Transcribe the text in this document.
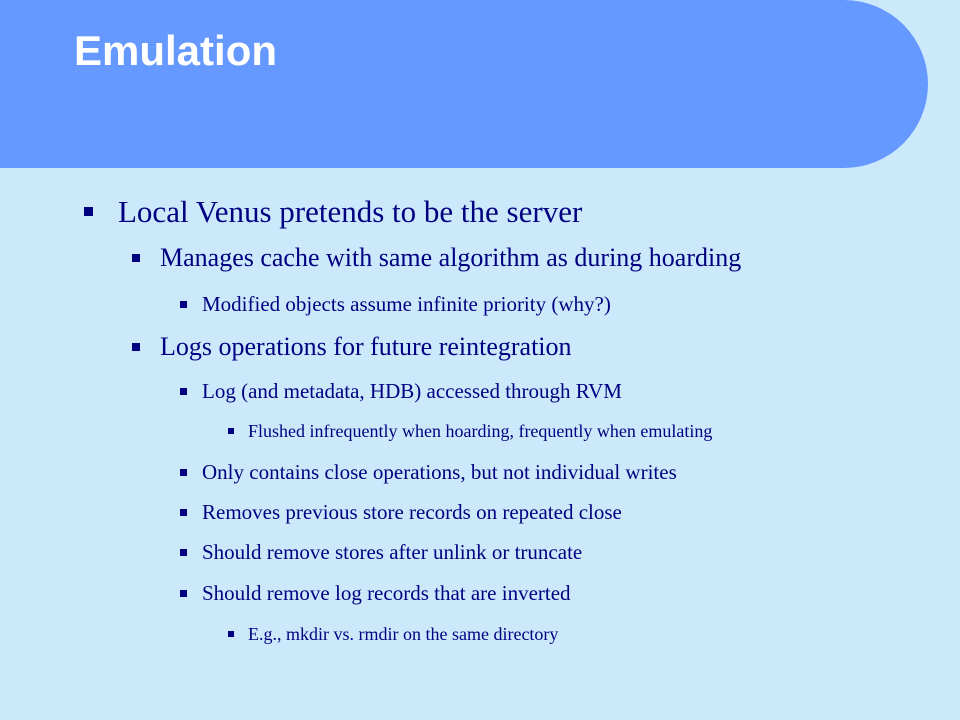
Emulation
Local Venus pretends to be the server
Manages cache with same algorithm as during hoarding
Modified objects assume infinite priority (why?)
Logs operations for future reintegration
Log (and metadata, HDB) accessed through RVM
Flushed infrequently when hoarding, frequently when emulating
Only contains close operations, but not individual writes
Removes previous store records on repeated close
Should remove stores after unlink or truncate
Should remove log records that are inverted
E.g., mkdir vs. rmdir on the same directory
